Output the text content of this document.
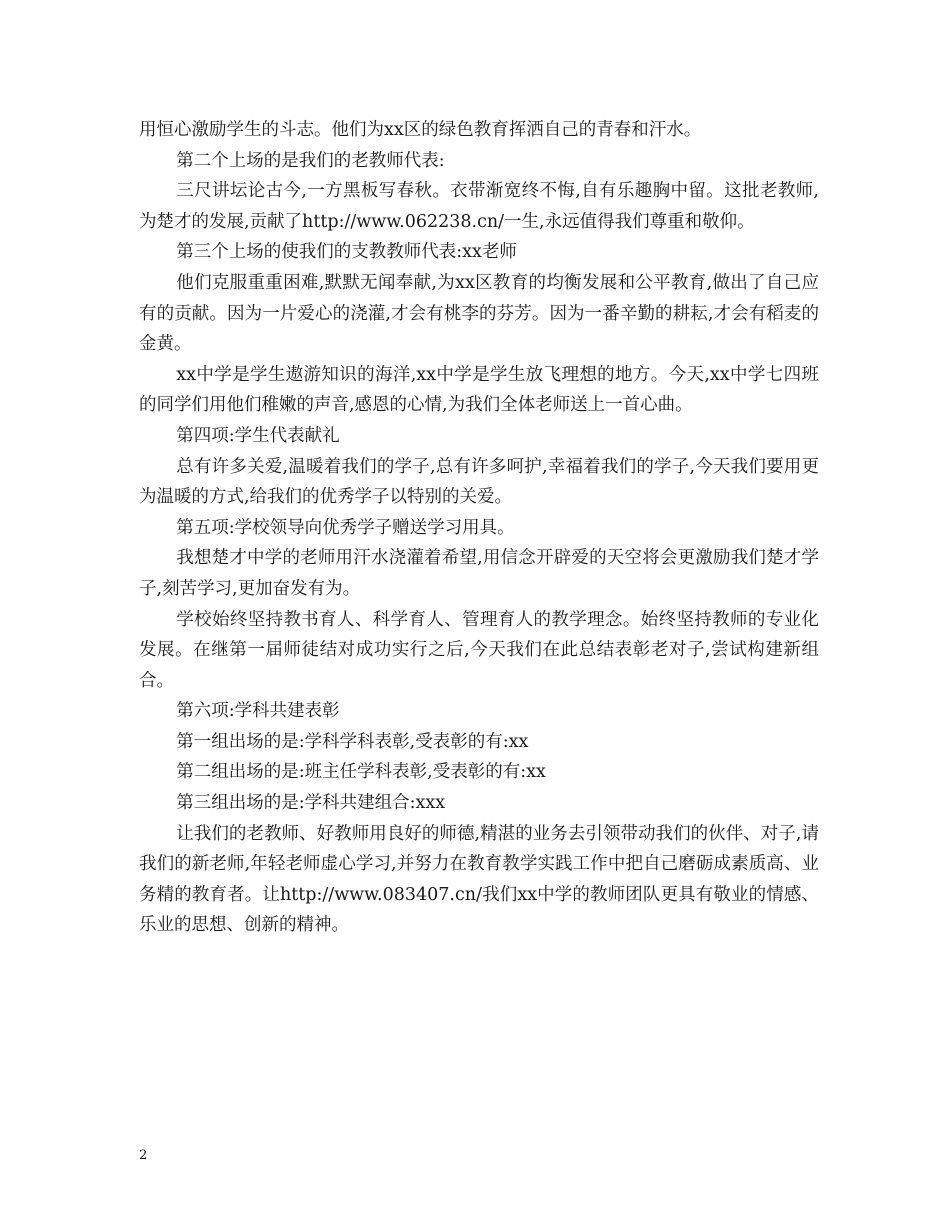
用恒心激励学生的斗志。他们为xx区的绿色教育挥洒自己的青春和汗水。

第二个上场的是我们的老教师代表:

三尺讲坛论古今,一方黑板写春秋。衣带渐宽终不悔,自有乐趣胸中留。这批老教师,为楚才的发展,贡献了http://www.062238.cn/一生,永远值得我们尊重和敬仰。

第三个上场的使我们的支教教师代表:xx老师

他们克服重重困难,默默无闻奉献,为xx区教育的均衡发展和公平教育,做出了自己应有的贡献。因为一片爱心的浇灌,才会有桃李的芬芳。因为一番辛勤的耕耘,才会有稻麦的金黄。

xx中学是学生遨游知识的海洋,xx中学是学生放飞理想的地方。今天,xx中学七四班的同学们用他们稚嫩的声音,感恩的心情,为我们全体老师送上一首心曲。

第四项:学生代表献礼

总有许多关爱,温暖着我们的学子,总有许多呵护,幸福着我们的学子,今天我们要用更为温暖的方式,给我们的优秀学子以特别的关爱。

第五项:学校领导向优秀学子赠送学习用具。

我想楚才中学的老师用汗水浇灌着希望,用信念开辟爱的天空将会更激励我们楚才学子,刻苦学习,更加奋发有为。

学校始终坚持教书育人、科学育人、管理育人的教学理念。始终坚持教师的专业化发展。在继第一届师徒结对成功实行之后,今天我们在此总结表彰老对子,尝试构建新组合。

第六项:学科共建表彰

第一组出场的是:学科学科表彰,受表彰的有:xx

第二组出场的是:班主任学科表彰,受表彰的有:xx

第三组出场的是:学科共建组合:xxx

让我们的老教师、好教师用良好的师德,精湛的业务去引领带动我们的伙伴、对子,请我们的新老师,年轻老师虚心学习,并努力在教育教学实践工作中把自己磨砺成素质高、业务精的教育者。让http://www.083407.cn/我们xx中学的教师团队更具有敬业的情感、乐业的思想、创新的精神。

2
